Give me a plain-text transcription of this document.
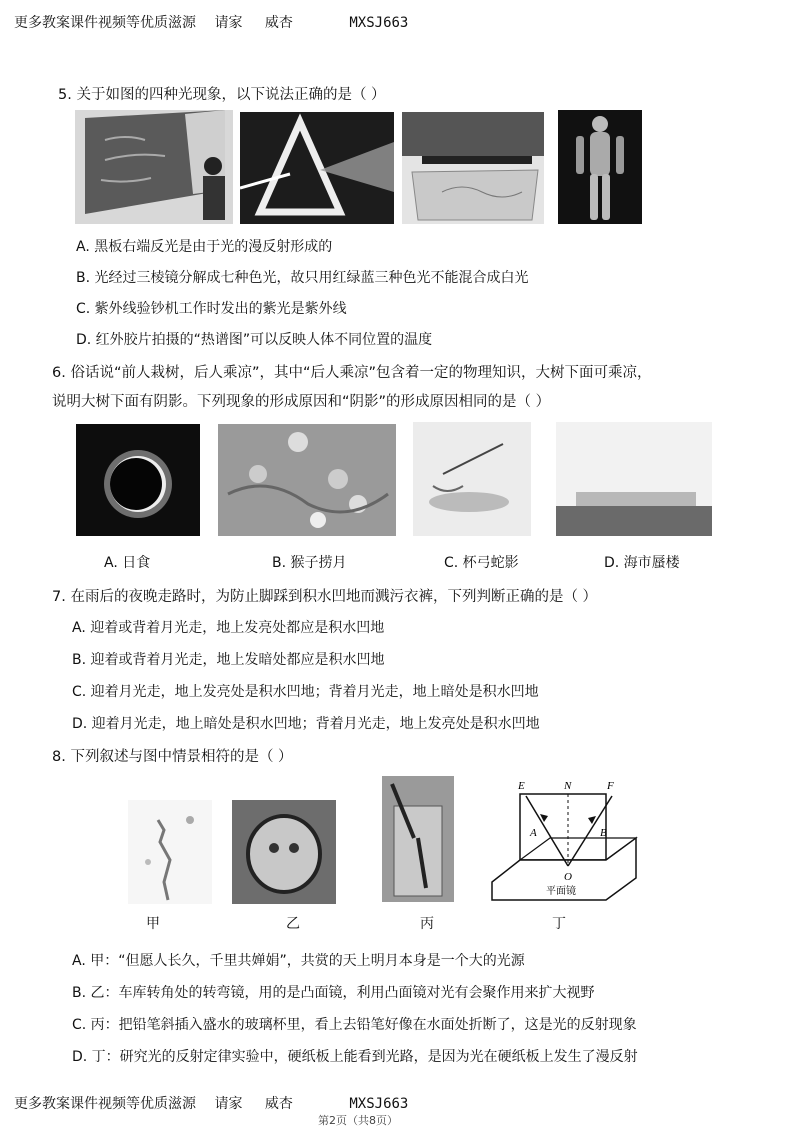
更多教案课件视频等优质滋源 请家 威杏	MXSJ663
5. 关于如图的四种光现象，以下说法正确的是（ ）
A. 黑板右端反光是由于光的漫反射形成的
B. 光经过三棱镜分解成七种色光，故只用红绿蓝三种色光不能混合成白光
C. 紫外线验钞机工作时发出的紫光是紫外线
D. 红外胶片拍摄的“热谱图”可以反映人体不同位置的温度
6. 俗话说“前人栽树，后人乘凉”，其中“后人乘凉”包含着一定的物理知识，大树下面可乘凉，
说明大树下面有阴影。下列现象的形成原因和“阴影”的形成原因相同的是（ ）
A. 日食	B. 猴子捞月	C. 杯弓蛇影	D. 海市蜃楼
7. 在雨后的夜晚走路时，为防止脚踩到积水凹地而溅污衣裤，下列判断正确的是（ ）
A. 迎着或背着月光走，地上发亮处都应是积水凹地
B. 迎着或背着月光走，地上发暗处都应是积水凹地
C. 迎着月光走，地上发亮处是积水凹地；背着月光走，地上暗处是积水凹地
D. 迎着月光走，地上暗处是积水凹地；背着月光走，地上发亮处是积水凹地
8. 下列叙述与图中情景相符的是（ ）
E	N	F
A	B
O
平面镜
甲	乙	丙	丁
A. 甲：“但愿人长久，千里共婵娟”，共赏的天上明月本身是一个大的光源
B. 乙：车库转角处的转弯镜，用的是凸面镜，利用凸面镜对光有会聚作用来扩大视野
C. 丙：把铅笔斜插入盛水的玻璃杯里，看上去铅笔好像在水面处折断了，这是光的反射现象
D. 丁：研究光的反射定律实验中，硬纸板上能看到光路，是因为光在硬纸板上发生了漫反射
更多教案课件视频等优质滋源 请家 威杏	MXSJ663
第2页（共8页）
